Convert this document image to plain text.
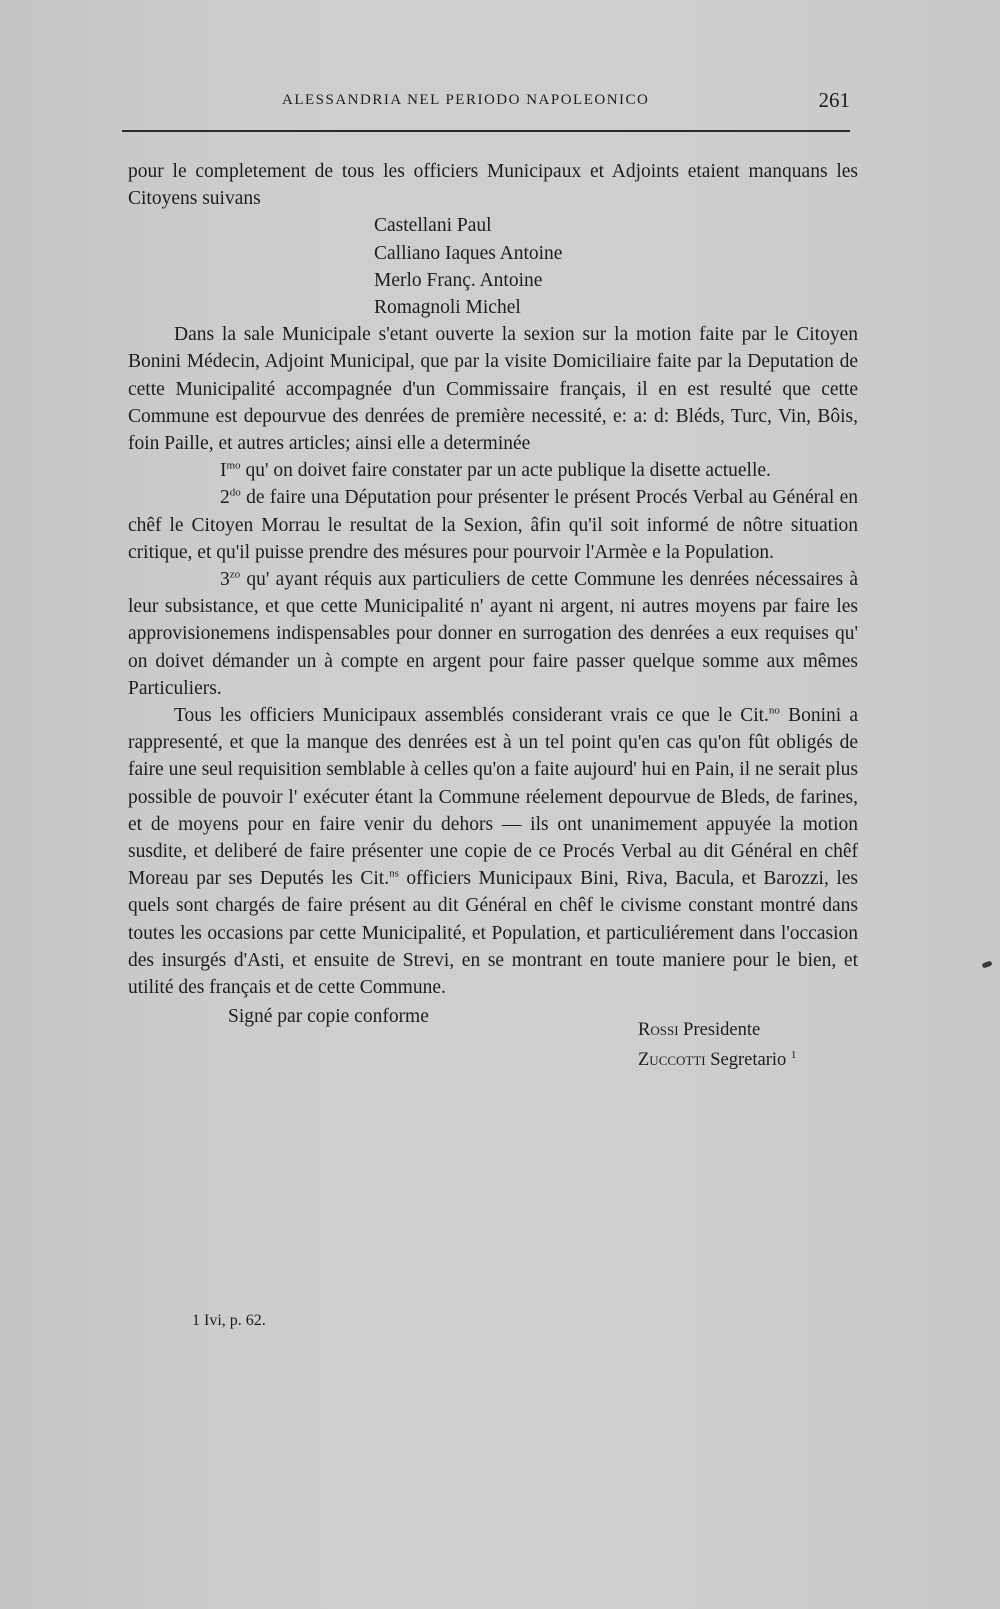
ALESSANDRIA NEL PERIODO NAPOLEONICO	261

pour le completement de tous les officiers Municipaux et Adjoints etaient manquans les Citoyens suivans

Castellani Paul
Calliano Iaques Antoine
Merlo Franç. Antoine
Romagnoli Michel

Dans la sale Municipale s'etant ouverte la sexion sur la motion faite par le Citoyen Bonini Médecin, Adjoint Municipal, que par la visite Domiciliaire faite par la Deputation de cette Municipalité accompagnée d'un Commissaire français, il en est resulté que cette Commune est depourvue des denrées de première necessité, e: a: d: Bléds, Turc, Vin, Bôis, foin Paille, et autres articles; ainsi elle a determinée

$I^{mo}$ qu' on doivet faire constater par un acte publique la disette actuelle.

$2^{do}$ de faire una Députation pour présenter le présent Procés Verbal au Général en chêf le Citoyen Morrau le resultat de la Sexion, âfin qu'il soit informé de nôtre situation critique, et qu'il puisse prendre des mésures pour pourvoir l'Armèe e la Population.

$3^{zo}$ qu' ayant réquis aux particuliers de cette Commune les denrées nécessaires à leur subsistance, et que cette Municipalité n' ayant ni argent, ni autres moyens par faire les approvisionemens indispensables pour donner en surrogation des denrées a eux requises qu' on doivet démander un à compte en argent pour faire passer quelque somme aux mêmes Particuliers.

Tous les officiers Municipaux assemblés considerant vrais ce que le Cit.$^{no}$ Bonini a rappresenté, et que la manque des denrées est à un tel point qu'en cas qu'on fût obligés de faire une seul requisition semblable à celles qu'on a faite aujourd' hui en Pain, il ne serait plus possible de pouvoir l' exécuter étant la Commune réelement depourvue de Bleds, de farines, et de moyens pour en faire venir du dehors — ils ont unanimement appuyée la motion susdite, et deliberé de faire présenter une copie de ce Procés Verbal au dit Général en chêf Moreau par ses Deputés les Cit.$^{ns}$ officiers Municipaux Bini, Riva, Bacula, et Barozzi, les quels sont chargés de faire présent au dit Général en chêf le civisme constant montré dans toutes les occasions par cette Municipalité, et Population, et particuliérement dans l'occasion des insurgés d'Asti, et ensuite de Strevi, en se montrant en toute maniere pour le bien, et utilité des français et de cette Commune.

Signé par copie conforme
Rossi Presidente
Zuccotti Segretario $^1$
1 Ivi, p. 62.
